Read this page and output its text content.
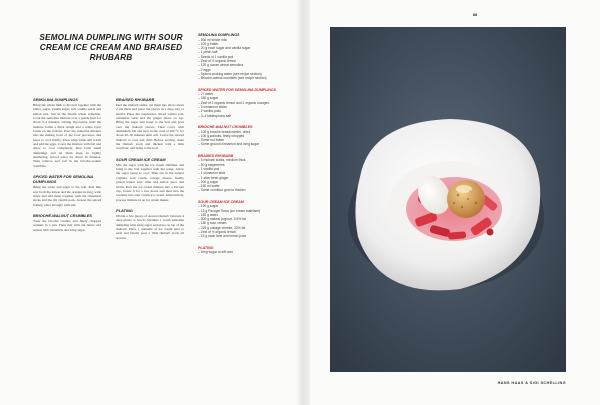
SEMOLINA DUMPLING WITH SOUR CREAM ICE CREAM AND BRAISED RHUBARB
SEMOLINA DUMPLINGS

Bring the whole milk to the boil together with the butter, sugar, vanilla sugar, salt, vanilla seeds and lemon zest. Stir in the durum wheat semolina. Cook the semolina mixture over a gentle heat for about 3–4 minutes, stirring vigorously, until the mixture forms a thick dough and a white layer forms on the bottom. Pour the semolina mixture into the mixing bowl of the food processor and leave to cool briefly. Then whip while still warm and add the eggs. Cover the mixture with foil and allow to cool completely, then form small dumplings and let them sleep in lightly simmering, spiced water for about 10 minutes. Then remove and roll in the brioche-walnut crumbles.

SPICED WATER FOR SEMOLINA DUMPLINGS

Bring the water and sugar to the boil. Peel thin zest from the lemon and the oranges in long, wide strips and add these together with the cinnamon sticks and the clil vanilla pods. Season the spiced boiling water strongly with salt.

BRIOCHE-WALNUT CRUMBLES

Toast the brioche crumbs and finely chopped walnuts in a pan. Then mix with nut butter and season with cinnamon and icing sugar.

BRAISED RHUBARB

Peel the rhubarb stalks, cut them into slices about 2 cm thick and place the pieces in a deep tray or mould. Place the raspberries, sliced vanilla pod, cinnamon stick and the ginger slices on top. Bring the sugar and water to the boil and pour over the rhubarb pieces. Then cover with aluminium foil and stew in the oven at 160 °C for about 20–30 minutes until soft. Leave the stewed rhubarb to cool and chill. Before serving, drain the rhubarb stock and thicken with a little cornflour, and bring to the boil.

SOUR CREAM ICE CREAM

Mix the sugar with the ice cream stabiliser and bring to the boil together with the water. Allow the sugar syrup to cool. Then stir in the natural yoghurt, sour cream, cottage cheese, freshly grated lemon zest, lime and lemon juice and strain. Pour the ice cream mixture into a Pacojet cup, freeze it for a few hours and then turn the contents into sour cream ice cream. Alternatively, process mixture in an ice cream maker.

PLATING

Divide a few pieces of stewed rhubarb between 4 deep plates or bowls. Sprinkle 1 warm semolina dumpling with icing sugar and place on top of the rhubarb. Place 1 quenelle of ice cream next to each and finally pour a little rhubarb stock all around.

SEMOLINA DUMPLINGS
– 500 ml whole milk
– 100 g butter
– 20 g each sugar and vanilla sugar
– 1 pinch salt
– Seeds of 1 vanilla pod
– Zest of ½ organic lemon
– 120 g durum wheat semolina
– 2 eggs
– Spiced cooking water (see recipe section)
– Brioche-walnut crumbles (see recipe section)
SPICED WATER FOR SEMOLINA DUMPLINGS
– 2 l water
– 150 g sugar
– Zest of 1 organic lemon and 2 organic oranges
– 3 cinnamon sticks
– 2 vanilla pods
– 3–4 tablespoons salt
BRIOCHE-WALNUT CRUMBLES
– 100 g brioche breadcrumbs, dried
– 100 g walnuts, finely chopped
– Some nut butter
– Some ground cinnamon and icing sugar
BRAISED RHUBARB
– 6 rhubarb stalks, medium thick
– 50 g raspberries
– 1 vanilla pod
– 1 cinnamon stick
– 1 slice fresh ginger
– 200 g sugar
– 150 ml water
– Some cornflour gum to thicken
SOUR CREAM ICE CREAM
– 190 g sugar
– 13 g Pacoget Rosa (ice cream stabiliser)
– 160 g water
– 500 g natural yoghurt, 3.5% fat
– 180 g sour cream
– 225 g cottage cheese, 20% fat
– Zest of ½ organic lemon
– 15 g each lime and lemon juice
PLATING
– Icing sugar to sift over
88
HANS HAAS & SIGI SCHELLING
